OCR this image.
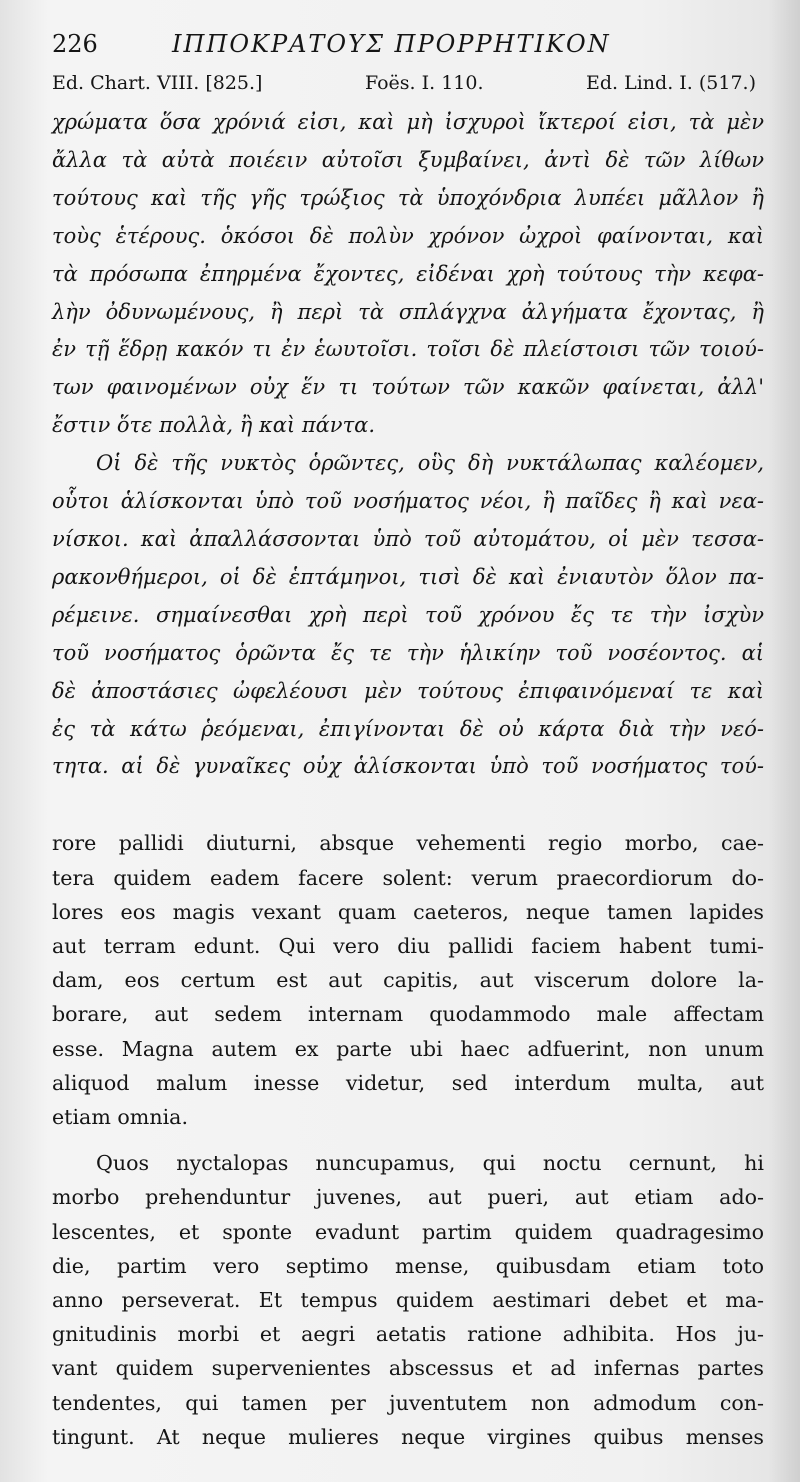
226	ΙΠΠΟΚΡΑΤΟΥΣ ΠΡΟΡΡΗΤΙΚΟΝ
Ed. Chart. VIII. [825.]	Foës. I. 110.	Ed. Lind. I. (517.)
χρώματα ὅσα χρόνιά εἰσι, καὶ μὴ ἰσχυροὶ ἴκτεροί εἰσι, τὰ μὲν
ἄλλα τὰ αὐτὰ ποιέειν αὐτοῖσι ξυμβαίνει, ἀντὶ δὲ τῶν λίθων
τούτους καὶ τῆς γῆς τρώξιος τὰ ὑποχόνδρια λυπέει μᾶλλον ἢ
τοὺς ἑτέρους. ὁκόσοι δὲ πολὺν χρόνον ὠχροὶ φαίνονται, καὶ
τὰ πρόσωπα ἐπηρμένα ἔχοντες, εἰδέναι χρὴ τούτους τὴν κεφα-
λὴν ὀδυνωμένους, ἢ περὶ τὰ σπλάγχνα ἀλγήματα ἔχοντας, ἢ
ἐν τῇ ἕδρῃ κακόν τι ἐν ἑωυτοῖσι. τοῖσι δὲ πλείστοισι τῶν τοιού-
των φαινομένων οὐχ ἕν τι τούτων τῶν κακῶν φαίνεται, ἀλλ'
ἔστιν ὅτε πολλὰ, ἢ καὶ πάντα.
Οἱ δὲ τῆς νυκτὸς ὁρῶντες, οὓς δὴ νυκτάλωπας καλέομεν,
οὗτοι ἁλίσκονται ὑπὸ τοῦ νοσήματος νέοι, ἢ παῖδες ἢ καὶ νεα-
νίσκοι. καὶ ἀπαλλάσσονται ὑπὸ τοῦ αὐτομάτου, οἱ μὲν τεσσα-
ρακονθήμεροι, οἱ δὲ ἑπτάμηνοι, τισὶ δὲ καὶ ἐνιαυτὸν ὅλον πα-
ρέμεινε. σημαίνεσθαι χρὴ περὶ τοῦ χρόνου ἔς τε τὴν ἰσχὺν
τοῦ νοσήματος ὁρῶντα ἔς τε τὴν ἡλικίην τοῦ νοσέοντος. αἱ
δὲ ἀποστάσιες ὠφελέουσι μὲν τούτους ἐπιφαινόμεναί τε καὶ
ἐς τὰ κάτω ῥεόμεναι, ἐπιγίνονται δὲ οὐ κάρτα διὰ τὴν νεό-
τητα. αἱ δὲ γυναῖκες οὐχ ἁλίσκονται ὑπὸ τοῦ νοσήματος τού-
rore pallidi diuturni, absque vehementi regio morbo, cae-
tera quidem eadem facere solent: verum praecordiorum do-
lores eos magis vexant quam caeteros, neque tamen lapides
aut terram edunt. Qui vero diu pallidi faciem habent tumi-
dam, eos certum est aut capitis, aut viscerum dolore la-
borare, aut sedem internam quodammodo male affectam
esse. Magna autem ex parte ubi haec adfuerint, non unum
aliquod malum inesse videtur, sed interdum multa, aut
etiam omnia.
Quos nyctalopas nuncupamus, qui noctu cernunt, hi
morbo prehenduntur juvenes, aut pueri, aut etiam ado-
lescentes, et sponte evadunt partim quidem quadragesimo
die, partim vero septimo mense, quibusdam etiam toto
anno perseverat. Et tempus quidem aestimari debet et ma-
gnitudinis morbi et aegri aetatis ratione adhibita. Hos ju-
vant quidem supervenientes abscessus et ad infernas partes
tendentes, qui tamen per juventutem non admodum con-
tingunt. At neque mulieres neque virgines quibus menses
